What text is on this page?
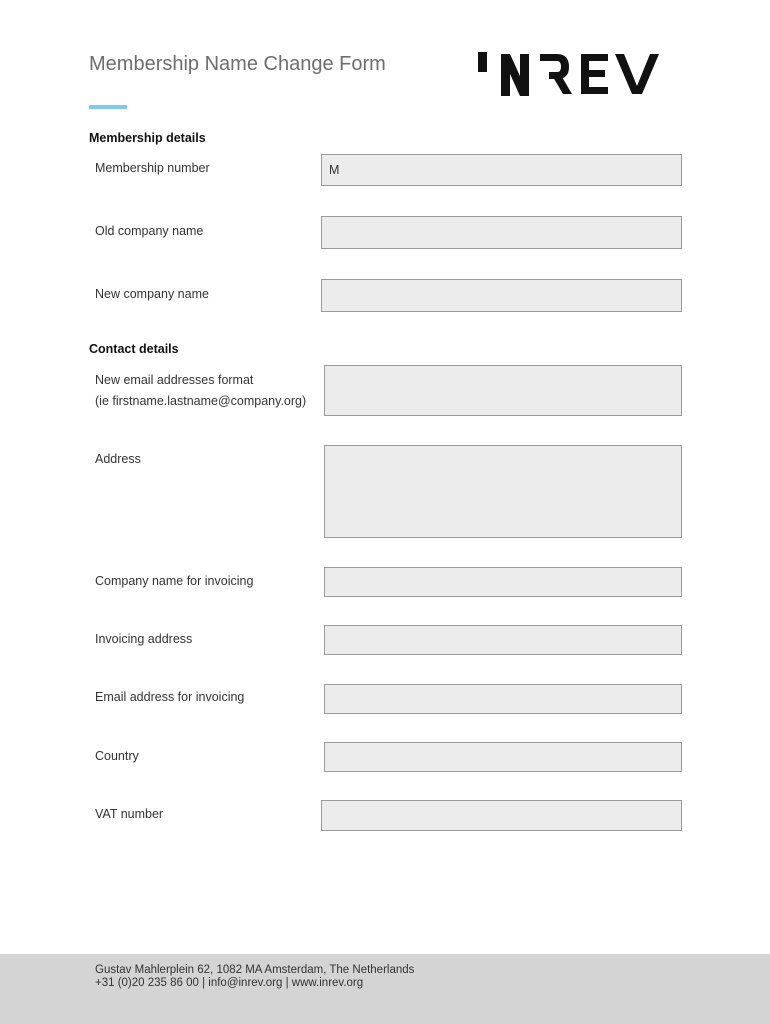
Membership Name Change Form
Membership details
Membership number
M
Old company name
New company name
Contact details
New email addresses format
(ie firstname.lastname@company.org)
Address
Company name for invoicing
Invoicing address
Email address for invoicing
Country
VAT number
Gustav Mahlerplein 62, 1082 MA Amsterdam, The Netherlands
+31 (0)20 235 86 00 | info@inrev.org | www.inrev.org
